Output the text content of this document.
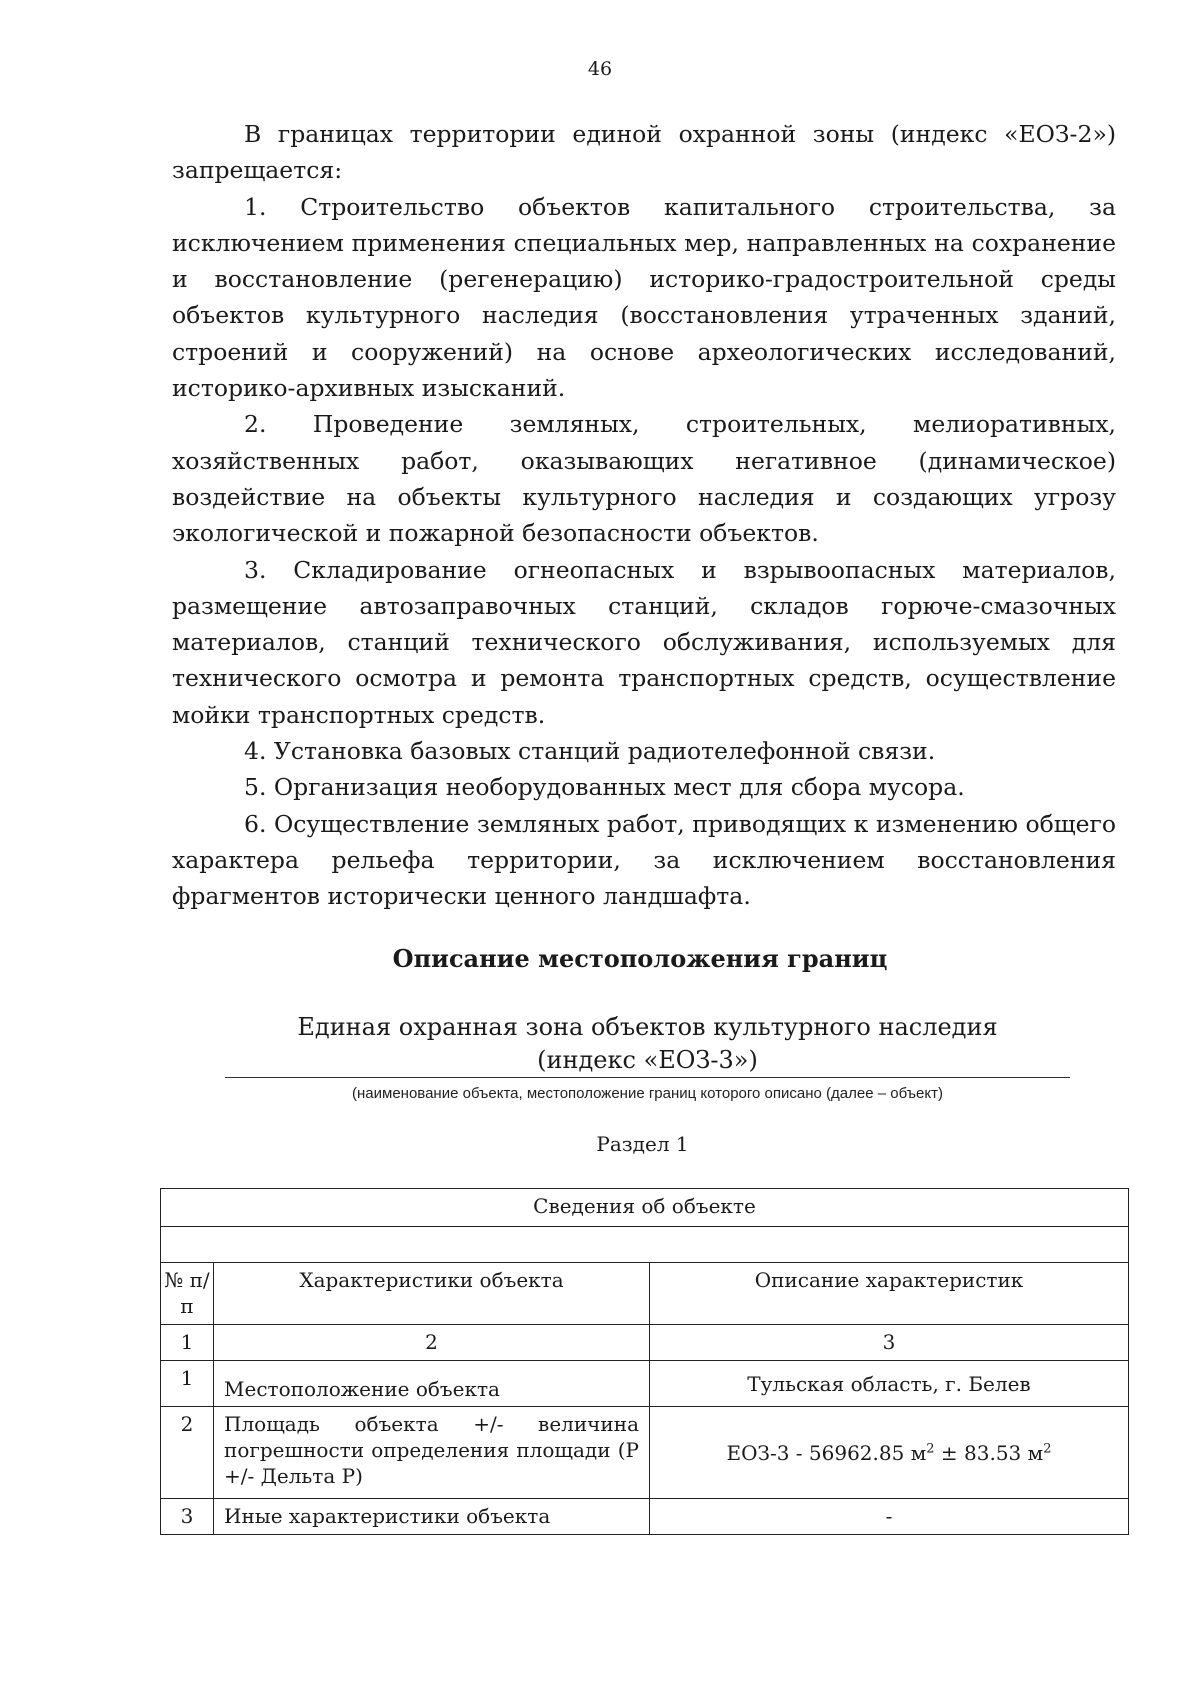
46

В границах территории единой охранной зоны (индекс «ЕОЗ-2») запрещается:

1. Строительство объектов капитального строительства, за исключением применения специальных мер, направленных на сохранение и восстановление (регенерацию) историко-градостроительной среды объектов культурного наследия (восстановления утраченных зданий, строений и сооружений) на основе археологических исследований, историко-архивных изысканий.

2. Проведение земляных, строительных, мелиоративных, хозяйственных работ, оказывающих негативное (динамическое) воздействие на объекты культурного наследия и создающих угрозу экологической и пожарной безопасности объектов.

3. Складирование огнеопасных и взрывоопасных материалов, размещение автозаправочных станций, складов горюче-смазочных материалов, станций технического обслуживания, используемых для технического осмотра и ремонта транспортных средств, осуществление мойки транспортных средств.

4. Установка базовых станций радиотелефонной связи.

5. Организация необорудованных мест для сбора мусора.

6. Осуществление земляных работ, приводящих к изменению общего характера рельефа территории, за исключением восстановления фрагментов исторически ценного ландшафта.

Описание местоположения границ
Единая охранная зона объектов культурного наследия
(индекс «ЕОЗ-3»)
(наименование объекта, местоположение границ которого описано (далее – объект)
Раздел 1
Сведения об объекте		

№ п/п	Характеристики объекта	Описание характеристик
1	2	3
1	Местоположение объекта	Тульская область, г. Белев
2	Площадь объекта +/- величина погрешности определения площади (Р +/- Дельта Р)	ЕОЗ-3 - 56962.85 $м^2 \pm 83.53$ $м^2$
3	Иные характеристики объекта	-
